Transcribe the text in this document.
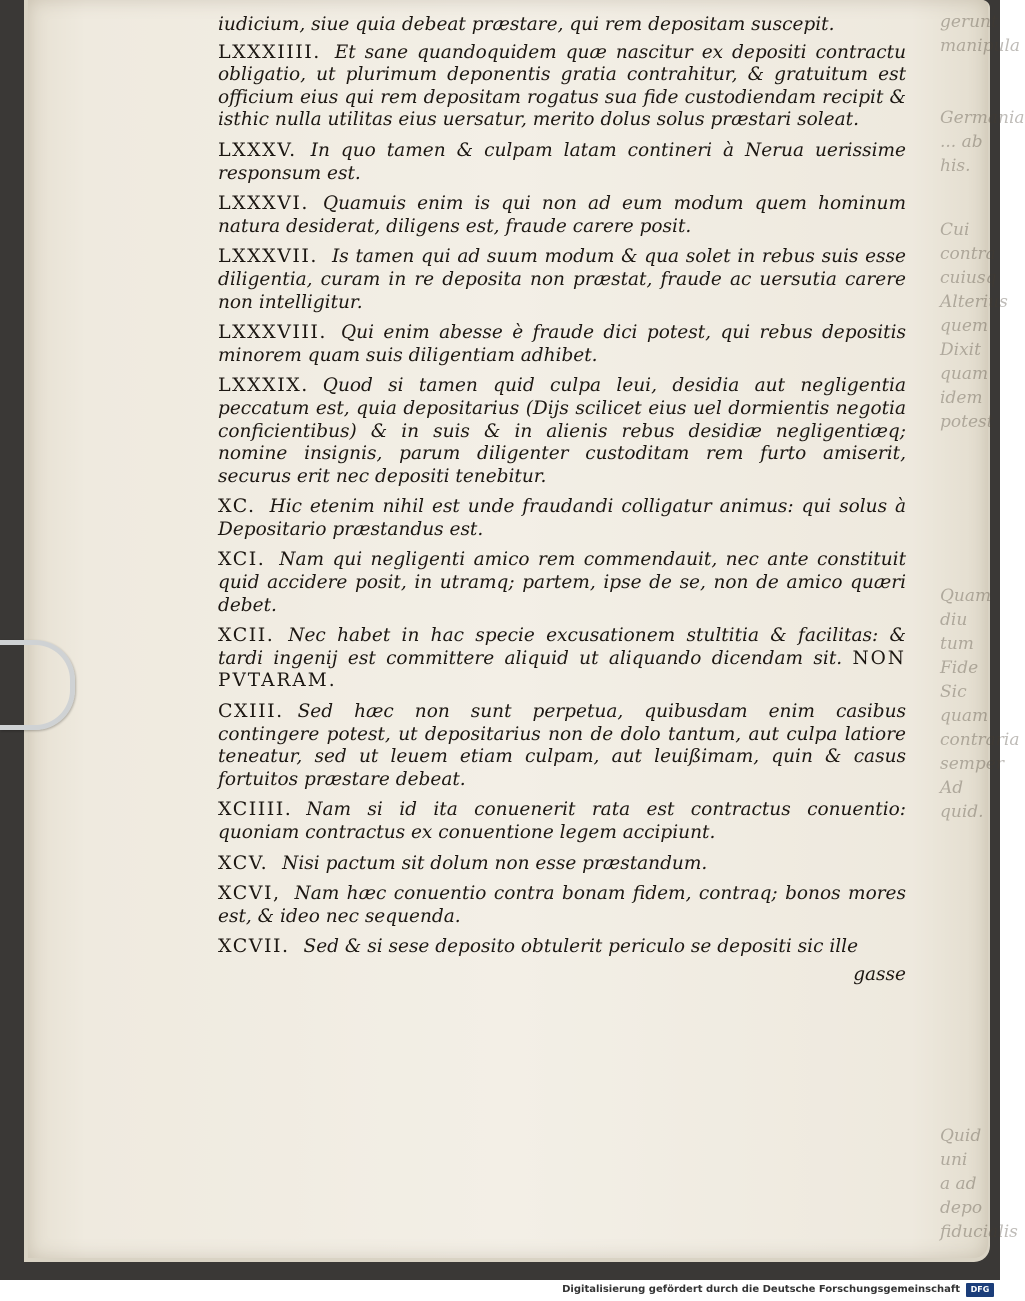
gerunt
manipula
Germania
... ab his.
Cui contra
cuiusq
Alterius
quem
Dixit
quam idem
potest
Quam diu
tum Fide
Sic quam
contraria
semper
Ad quid.
Quid uni
a ad depo
fiducialis

iudicium, siue quia debeat præstare, qui rem depositam suscepit.

LXXXIIII. Et sane quandoquidem quæ nascitur ex depositi contractu obligatio, ut plurimum deponentis gratia contrahitur, & gratuitum est officium eius qui rem depositam rogatus sua fide custodiendam recipit & isthic nulla utilitas eius uersatur, merito dolus solus præstari soleat.

LXXXV. In quo tamen & culpam latam contineri à Nerua uerissime responsum est.

LXXXVI. Quamuis enim is qui non ad eum modum quem hominum natura desiderat, diligens est, fraude carere posit.

LXXXVII. Is tamen qui ad suum modum & qua solet in rebus suis esse diligentia, curam in re deposita non præstat, fraude ac uersutia carere non intelligitur.

LXXXVIII. Qui enim abesse è fraude dici potest, qui rebus depositis minorem quam suis diligentiam adhibet.

LXXXIX. Quod si tamen quid culpa leui, desidia aut negligentia peccatum est, quia depositarius (Dijs scilicet eius uel dormientis negotia conficientibus) & in suis & in alienis rebus desidiæ negligentiæq; nomine insignis, parum diligenter custoditam rem furto amiserit, securus erit nec depositi tenebitur.

XC. Hic etenim nihil est unde fraudandi colligatur animus: qui solus à Depositario præstandus est.

XCI. Nam qui negligenti amico rem commendauit, nec ante constituit quid accidere posit, in utramq; partem, ipse de se, non de amico quæri debet.

XCII. Nec habet in hac specie excusationem stultitia & facilitas: & tardi ingenij est committere aliquid ut aliquando dicendam sit. NON PVTARAM.

CXIII. Sed hæc non sunt perpetua, quibusdam enim casibus contingere potest, ut depositarius non de dolo tantum, aut culpa latiore teneatur, sed ut leuem etiam culpam, aut leuißimam, quin & casus fortuitos præstare debeat.

XCIIII. Nam si id ita conuenerit rata est contractus conuentio: quoniam contractus ex conuentione legem accipiunt.

XCV. Nisi pactum sit dolum non esse præstandum.

XCVI, Nam hæc conuentio contra bonam fidem, contraq; bonos mores est, & ideo nec sequenda.

XCVII. Sed & si sese deposito obtulerit periculo se depositi sic ille

gasse
Digitalisierung gefördert durch die Deutsche Forschungsgemeinschaft	DFG
